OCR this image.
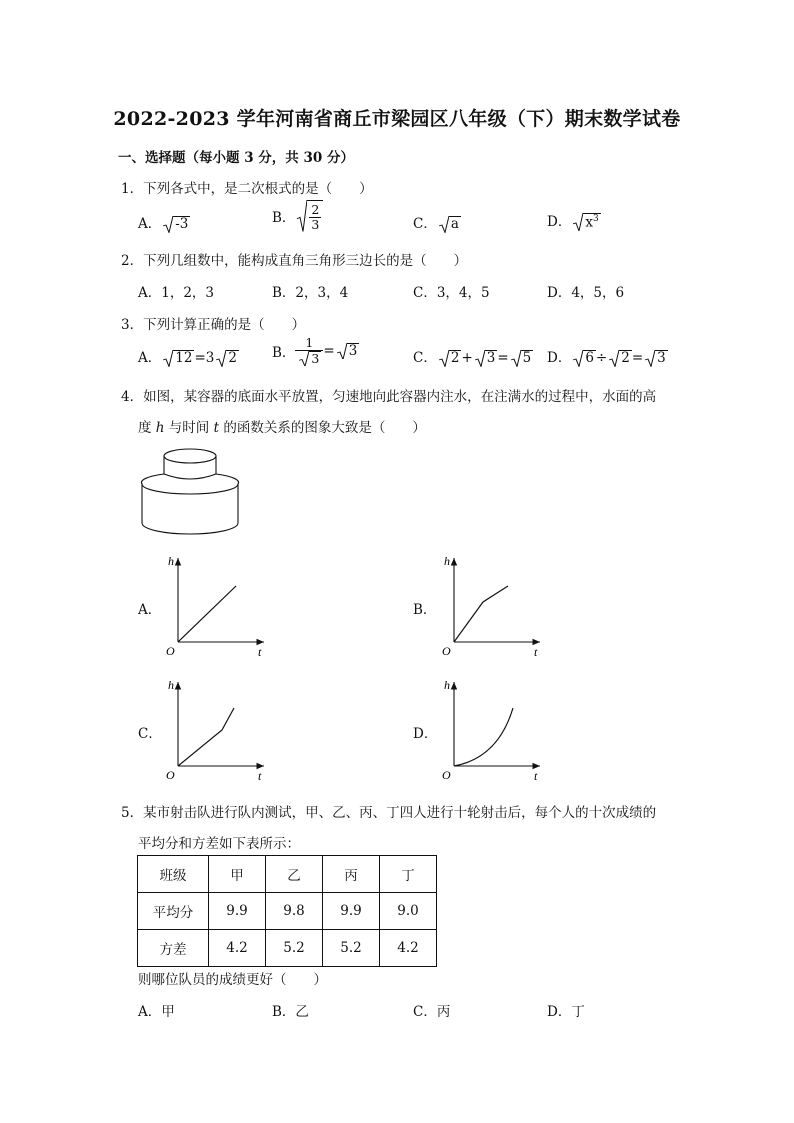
2022-2023 学年河南省商丘市梁园区八年级（下）期末数学试卷
一、选择题（每小题 3 分，共 30 分）
1．下列各式中，是二次根式的是（　　）
A． -3	B． $\frac{2}{3}$	C． a	D． $x^3$
2．下列几组数中，能构成直角三角形三边长的是（　　）
A．1，2，3	B．2，3，4	C．3，4，5	D．4，5，6
3．下列计算正确的是（　　）
A． 12 =3 2	B． $\frac{1}{3} = 3$	C． 2 + 3 = 5 D． 6 ÷ 2 = 3
4．如图，某容器的底面水平放置，匀速地向此容器内注水，在注满水的过程中，水面的高
度 h 与时间 t 的函数关系的图象大致是（　　）
A．
h
O	t
B．
h
O	t
C．
h
O	t
D．
h
O	t
5．某市射击队进行队内测试，甲、乙、丙、丁四人进行十轮射击后，每个人的十次成绩的
平均分和方差如下表所示：
班级	甲	乙	丙	丁
平均分	9.9	9.8	9.9	9.0
方差	4.2	5.2	5.2	4.2
则哪位队员的成绩更好（　　）
A．甲	B．乙	C．丙	D．丁
